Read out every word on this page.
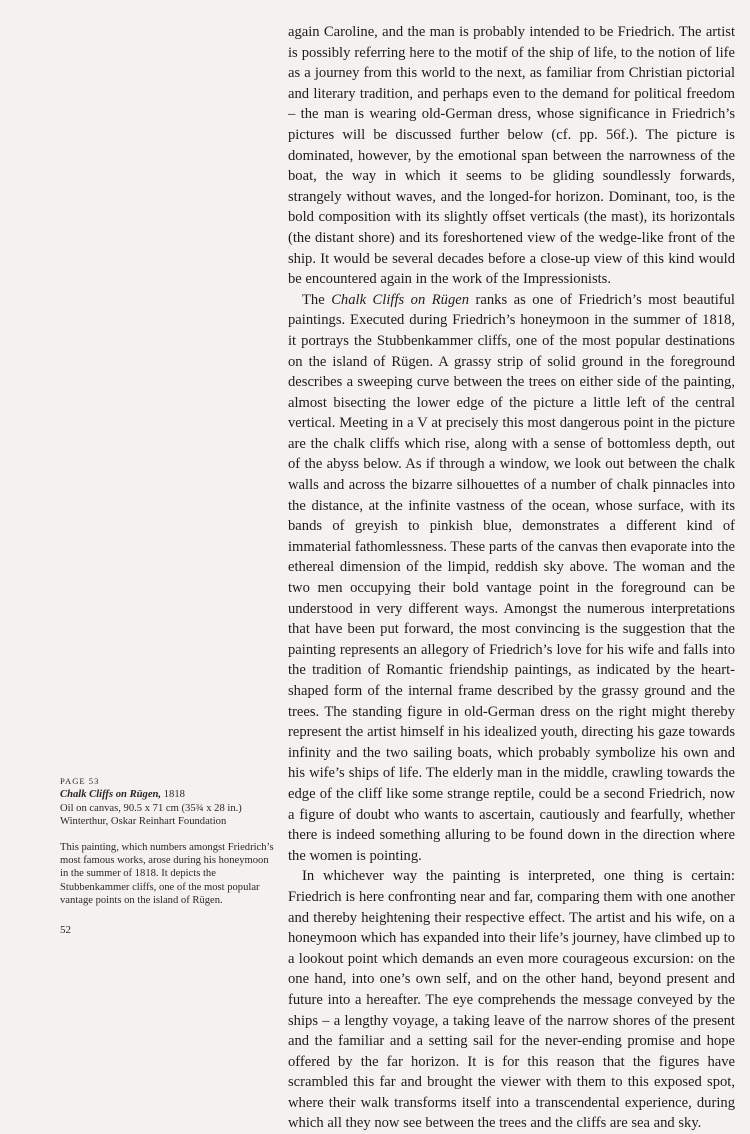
again Caroline, and the man is probably intended to be Friedrich. The artist is possibly referring here to the motif of the ship of life, to the notion of life as a journey from this world to the next, as familiar from Christian pictorial and literary tradition, and perhaps even to the demand for political freedom – the man is wearing old-German dress, whose significance in Friedrich’s pictures will be discussed further below (cf. pp. 56f.). The picture is dominated, however, by the emotional span between the narrowness of the boat, the way in which it seems to be gliding soundlessly forwards, strangely without waves, and the longed-for horizon. Dominant, too, is the bold composition with its slightly offset verticals (the mast), its horizontals (the distant shore) and its foreshortened view of the wedge-like front of the ship. It would be several decades before a close-up view of this kind would be encountered again in the work of the Impressionists.

The Chalk Cliffs on Rügen ranks as one of Friedrich’s most beautiful paintings. Executed during Friedrich’s honeymoon in the summer of 1818, it portrays the Stubbenkammer cliffs, one of the most popular destinations on the island of Rügen. A grassy strip of solid ground in the foreground describes a sweeping curve between the trees on either side of the painting, almost bisecting the lower edge of the picture a little left of the central vertical. Meeting in a V at precisely this most dangerous point in the picture are the chalk cliffs which rise, along with a sense of bottomless depth, out of the abyss below. As if through a window, we look out between the chalk walls and across the bizarre silhouettes of a number of chalk pinnacles into the distance, at the infinite vastness of the ocean, whose surface, with its bands of greyish to pinkish blue, demonstrates a different kind of immaterial fathomlessness. These parts of the canvas then evaporate into the ethereal dimension of the limpid, reddish sky above. The woman and the two men occupying their bold vantage point in the foreground can be understood in very different ways. Amongst the numerous interpretations that have been put forward, the most convincing is the suggestion that the painting represents an allegory of Friedrich’s love for his wife and falls into the tradition of Romantic friendship paintings, as indicated by the heart-shaped form of the internal frame described by the grassy ground and the trees. The standing figure in old-German dress on the right might thereby represent the artist himself in his idealized youth, directing his gaze towards infinity and the two sailing boats, which probably symbolize his own and his wife’s ships of life. The elderly man in the middle, crawling towards the edge of the cliff like some strange reptile, could be a second Friedrich, now a figure of doubt who wants to ascertain, cautiously and fearfully, whether there is indeed something alluring to be found down in the direction where the women is pointing.

In whichever way the painting is interpreted, one thing is certain: Friedrich is here confronting near and far, comparing them with one another and thereby heightening their respective effect. The artist and his wife, on a honeymoon which has expanded into their life’s journey, have climbed up to a lookout point which demands an even more courageous excursion: on the one hand, into one’s own self, and on the other hand, beyond present and future into a hereafter. The eye comprehends the message conveyed by the ships – a lengthy voyage, a taking leave of the narrow shores of the present and the familiar and a setting sail for the never-ending promise and hope offered by the far horizon. It is for this reason that the figures have scrambled this far and brought the viewer with them to this exposed spot, where their walk transforms itself into a transcendental experience, during which all they now see between the trees and the cliffs are sea and sky.

PAGE 53
Chalk Cliffs on Rügen, 1818
Oil on canvas, 90.5 x 71 cm (35¾ x 28 in.)
Winterthur, Oskar Reinhart Foundation
This painting, which numbers amongst Friedrich’s most famous works, arose during his honeymoon in the summer of 1818. It depicts the Stubbenkammer cliffs, one of the most popular vantage points on the island of Rügen.
52
